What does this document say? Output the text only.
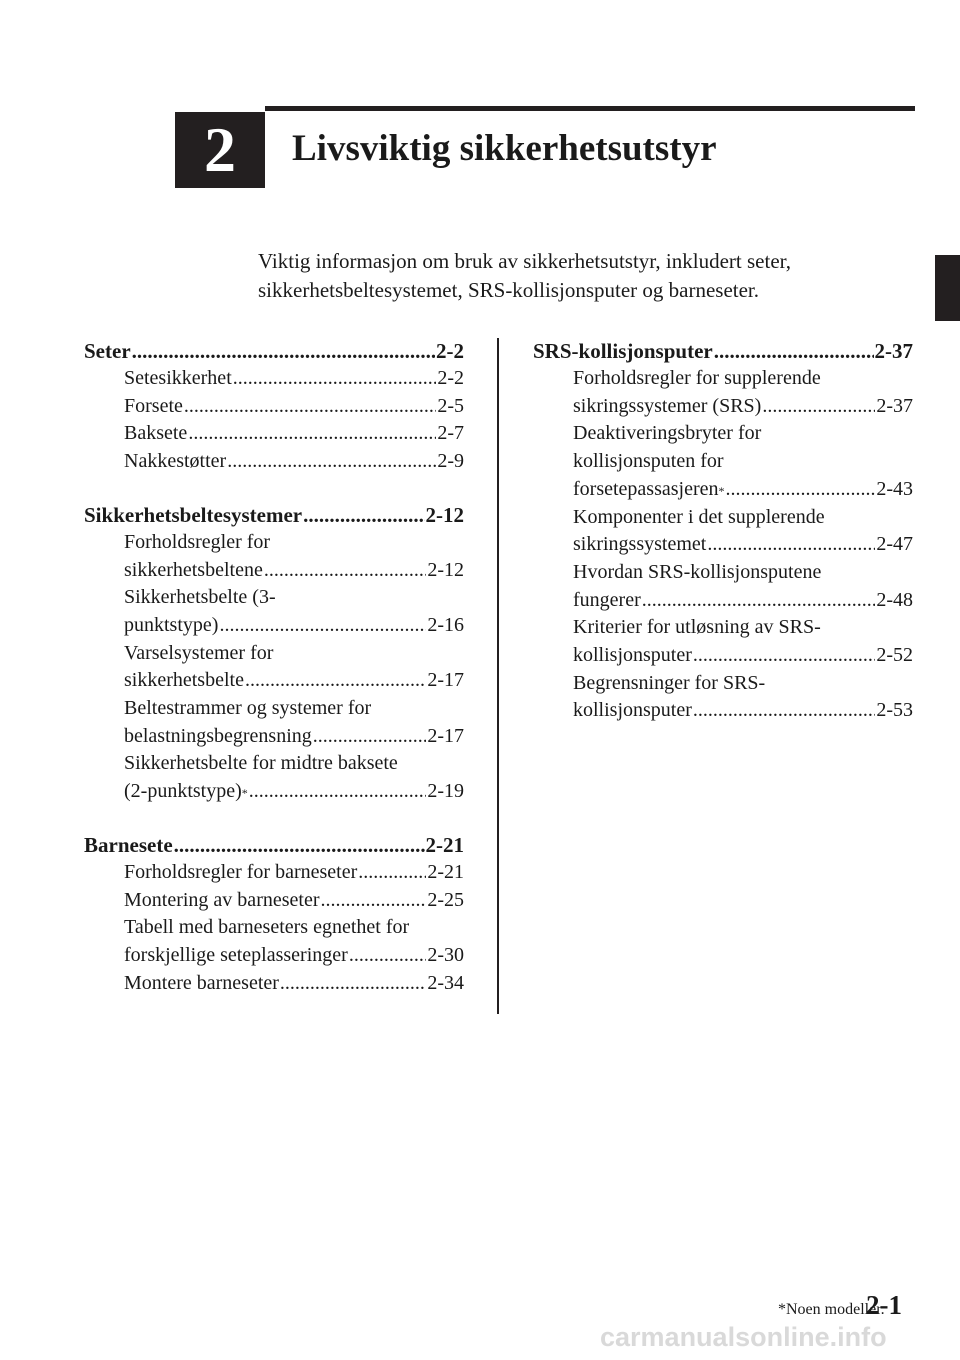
2	Livsviktig sikkerhetsutstyr
Viktig informasjon om bruk av sikkerhetsutstyr, inkludert seter,
sikkerhetsbeltesystemet, SRS-kollisjonsputer og barneseter.
Seter .....	2-2
Setesikkerhet .....	2-2
Forsete .....	2-5
Baksete .....	2-7
Nakkestøtter .....	2-9
Sikkerhetsbeltesystemer .....	2-12
Forholdsregler for
sikkerhetsbeltene .....	2-12
Sikkerhetsbelte (3-
punktstype) .....	2-16
Varselsystemer for
sikkerhetsbelte .....	2-17
Beltestrammer og systemer for
belastningsbegrensning .....	2-17
Sikkerhetsbelte for midtre baksete
(2-punktstype) * .....	2-19
Barnesete .....	2-21
Forholdsregler for barneseter .....	2-21
Montering av barneseter .....	2-25
Tabell med barneseters egnethet for
forskjellige seteplasseringer .....	2-30
Montere barneseter .....	2-34
SRS-kollisjonsputer .....	2-37
Forholdsregler for supplerende
sikringssystemer (SRS) .....	2-37
Deaktiveringsbryter for
kollisjonsputen for
forsetepassasjeren * .....	2-43
Komponenter i det supplerende
sikringssystemet .....	2-47
Hvordan SRS-kollisjonsputene
fungerer .....	2-48
Kriterier for utløsning av SRS-
kollisjonsputer .....	2-52
Begrensninger for SRS-
kollisjonsputer .....	2-53
*Noen modeller.
2-1
carmanualsonline.info
